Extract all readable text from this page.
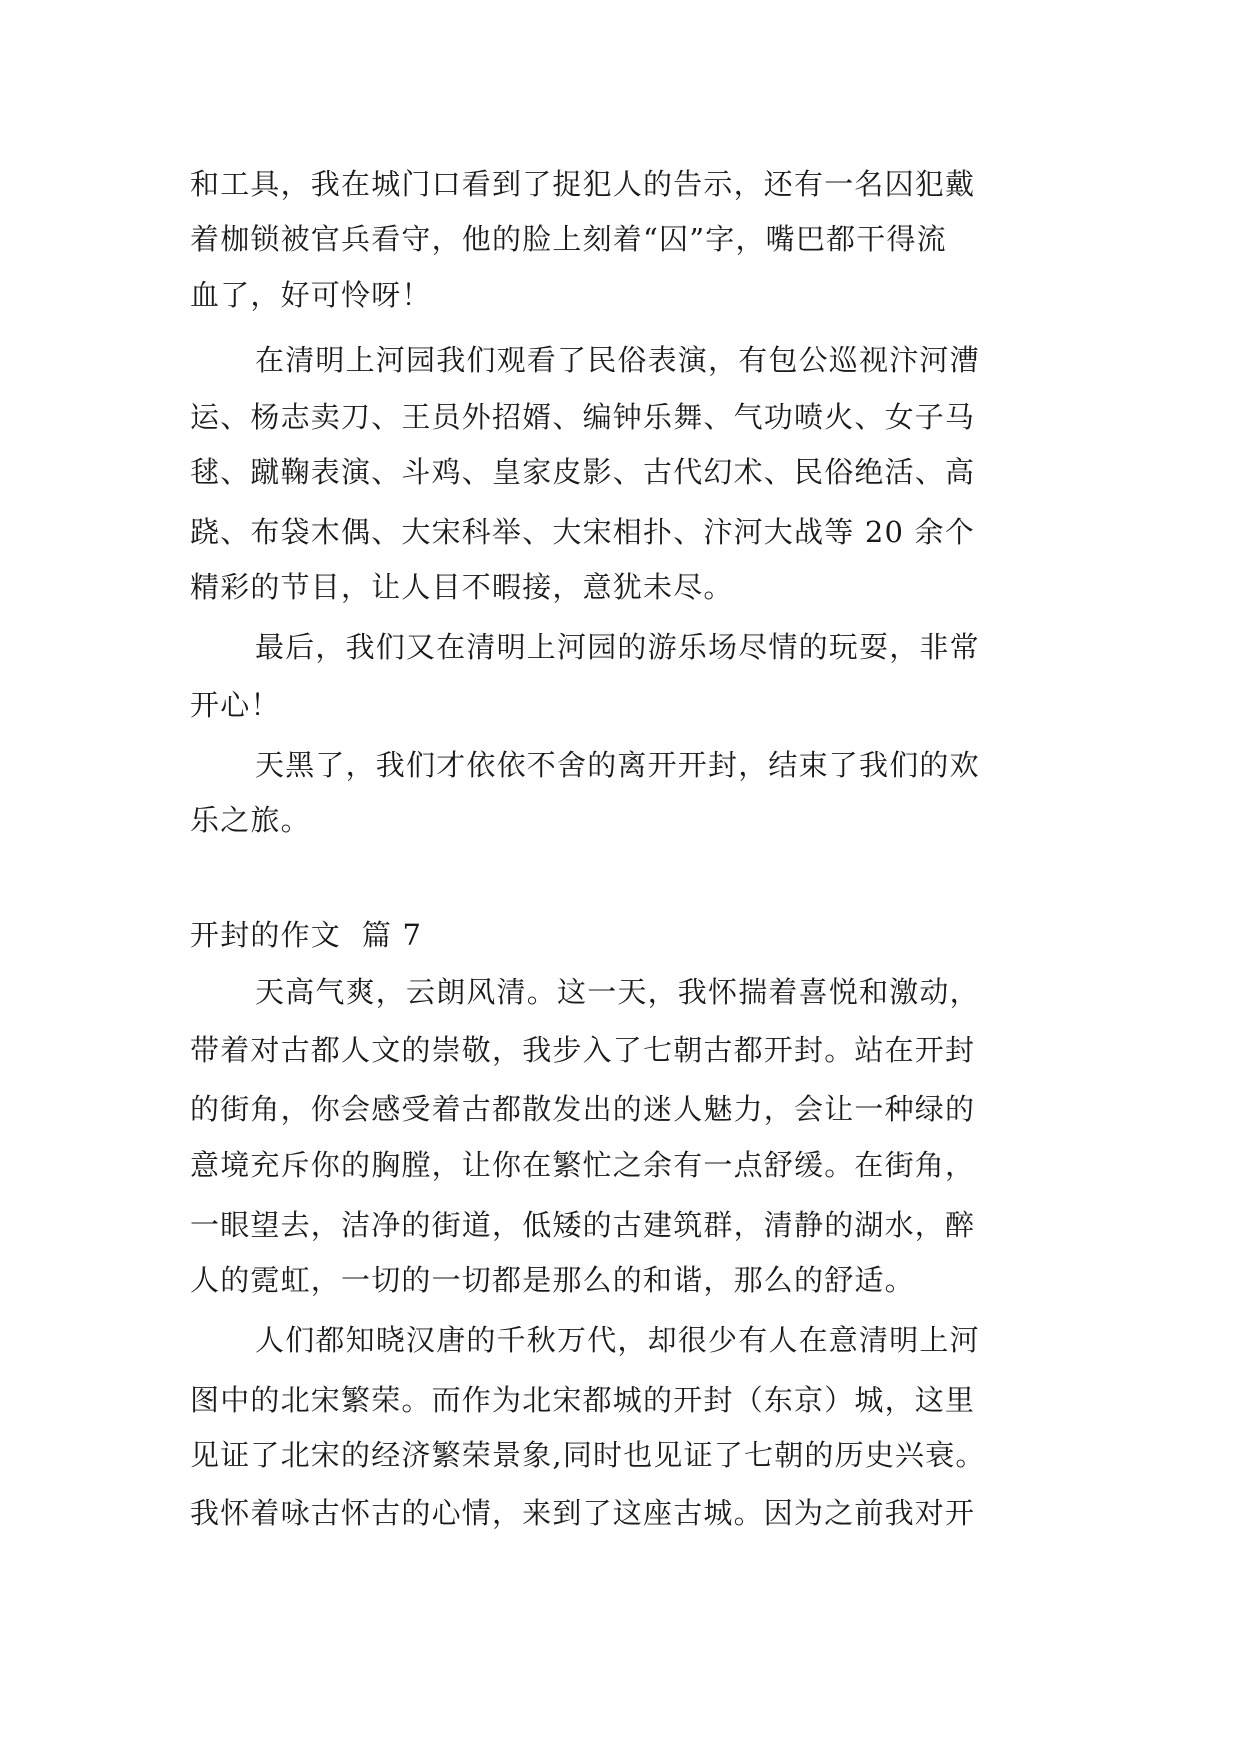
和工具，我在城门口看到了捉犯人的告示，还有一名囚犯戴
着枷锁被官兵看守，他的脸上刻着“囚”字，嘴巴都干得流
血了，好可怜呀！
在清明上河园我们观看了民俗表演，有包公巡视汴河漕
运、杨志卖刀、王员外招婿、编钟乐舞、气功喷火、女子马
毬、蹴鞠表演、斗鸡、皇家皮影、古代幻术、民俗绝活、高
跷、布袋木偶、大宋科举、大宋相扑、汴河大战等 20 余个
精彩的节目，让人目不暇接，意犹未尽。
最后，我们又在清明上河园的游乐场尽情的玩耍，非常
开心！
天黑了，我们才依依不舍的离开开封，结束了我们的欢
乐之旅。
开封的作文  篇 7
天高气爽，云朗风清。这一天，我怀揣着喜悦和激动，
带着对古都人文的崇敬，我步入了七朝古都开封。站在开封
的街角，你会感受着古都散发出的迷人魅力，会让一种绿的
意境充斥你的胸膛，让你在繁忙之余有一点舒缓。在街角，
一眼望去，洁净的街道，低矮的古建筑群，清静的湖水，醉
人的霓虹，一切的一切都是那么的和谐，那么的舒适。
人们都知晓汉唐的千秋万代，却很少有人在意清明上河
图中的北宋繁荣。而作为北宋都城的开封（东京）城，这里
见证了北宋的经济繁荣景象,同时也见证了七朝的历史兴衰。
我怀着咏古怀古的心情，来到了这座古城。因为之前我对开
